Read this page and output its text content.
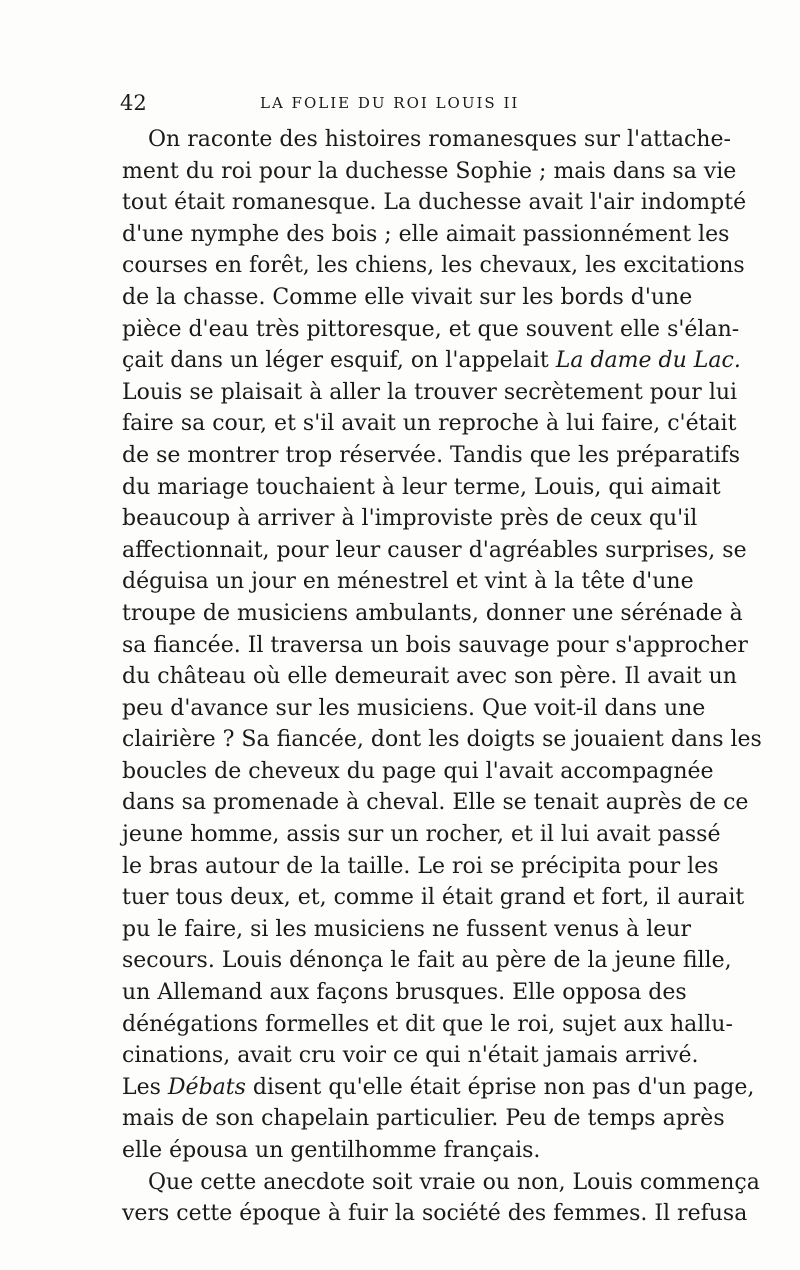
42	LA FOLIE DU ROI LOUIS II
On raconte des histoires romanesques sur l'attache-
ment du roi pour la duchesse Sophie ; mais dans sa vie
tout était romanesque. La duchesse avait l'air indompté
d'une nymphe des bois ; elle aimait passionnément les
courses en forêt, les chiens, les chevaux, les excitations
de la chasse. Comme elle vivait sur les bords d'une
pièce d'eau très pittoresque, et que souvent elle s'élan-
çait dans un léger esquif, on l'appelait La dame du Lac.
Louis se plaisait à aller la trouver secrètement pour lui
faire sa cour, et s'il avait un reproche à lui faire, c'était
de se montrer trop réservée. Tandis que les préparatifs
du mariage touchaient à leur terme, Louis, qui aimait
beaucoup à arriver à l'improviste près de ceux qu'il
affectionnait, pour leur causer d'agréables surprises, se
déguisa un jour en ménestrel et vint à la tête d'une
troupe de musiciens ambulants, donner une sérénade à
sa fiancée. Il traversa un bois sauvage pour s'approcher
du château où elle demeurait avec son père. Il avait un
peu d'avance sur les musiciens. Que voit-il dans une
clairière ? Sa fiancée, dont les doigts se jouaient dans les
boucles de cheveux du page qui l'avait accompagnée
dans sa promenade à cheval. Elle se tenait auprès de ce
jeune homme, assis sur un rocher, et il lui avait passé
le bras autour de la taille. Le roi se précipita pour les
tuer tous deux, et, comme il était grand et fort, il aurait
pu le faire, si les musiciens ne fussent venus à leur
secours. Louis dénonça le fait au père de la jeune fille,
un Allemand aux façons brusques. Elle opposa des
dénégations formelles et dit que le roi, sujet aux hallu-
cinations, avait cru voir ce qui n'était jamais arrivé.
Les Débats disent qu'elle était éprise non pas d'un page,
mais de son chapelain particulier. Peu de temps après
elle épousa un gentilhomme français.
Que cette anecdote soit vraie ou non, Louis commença
vers cette époque à fuir la société des femmes. Il refusa
